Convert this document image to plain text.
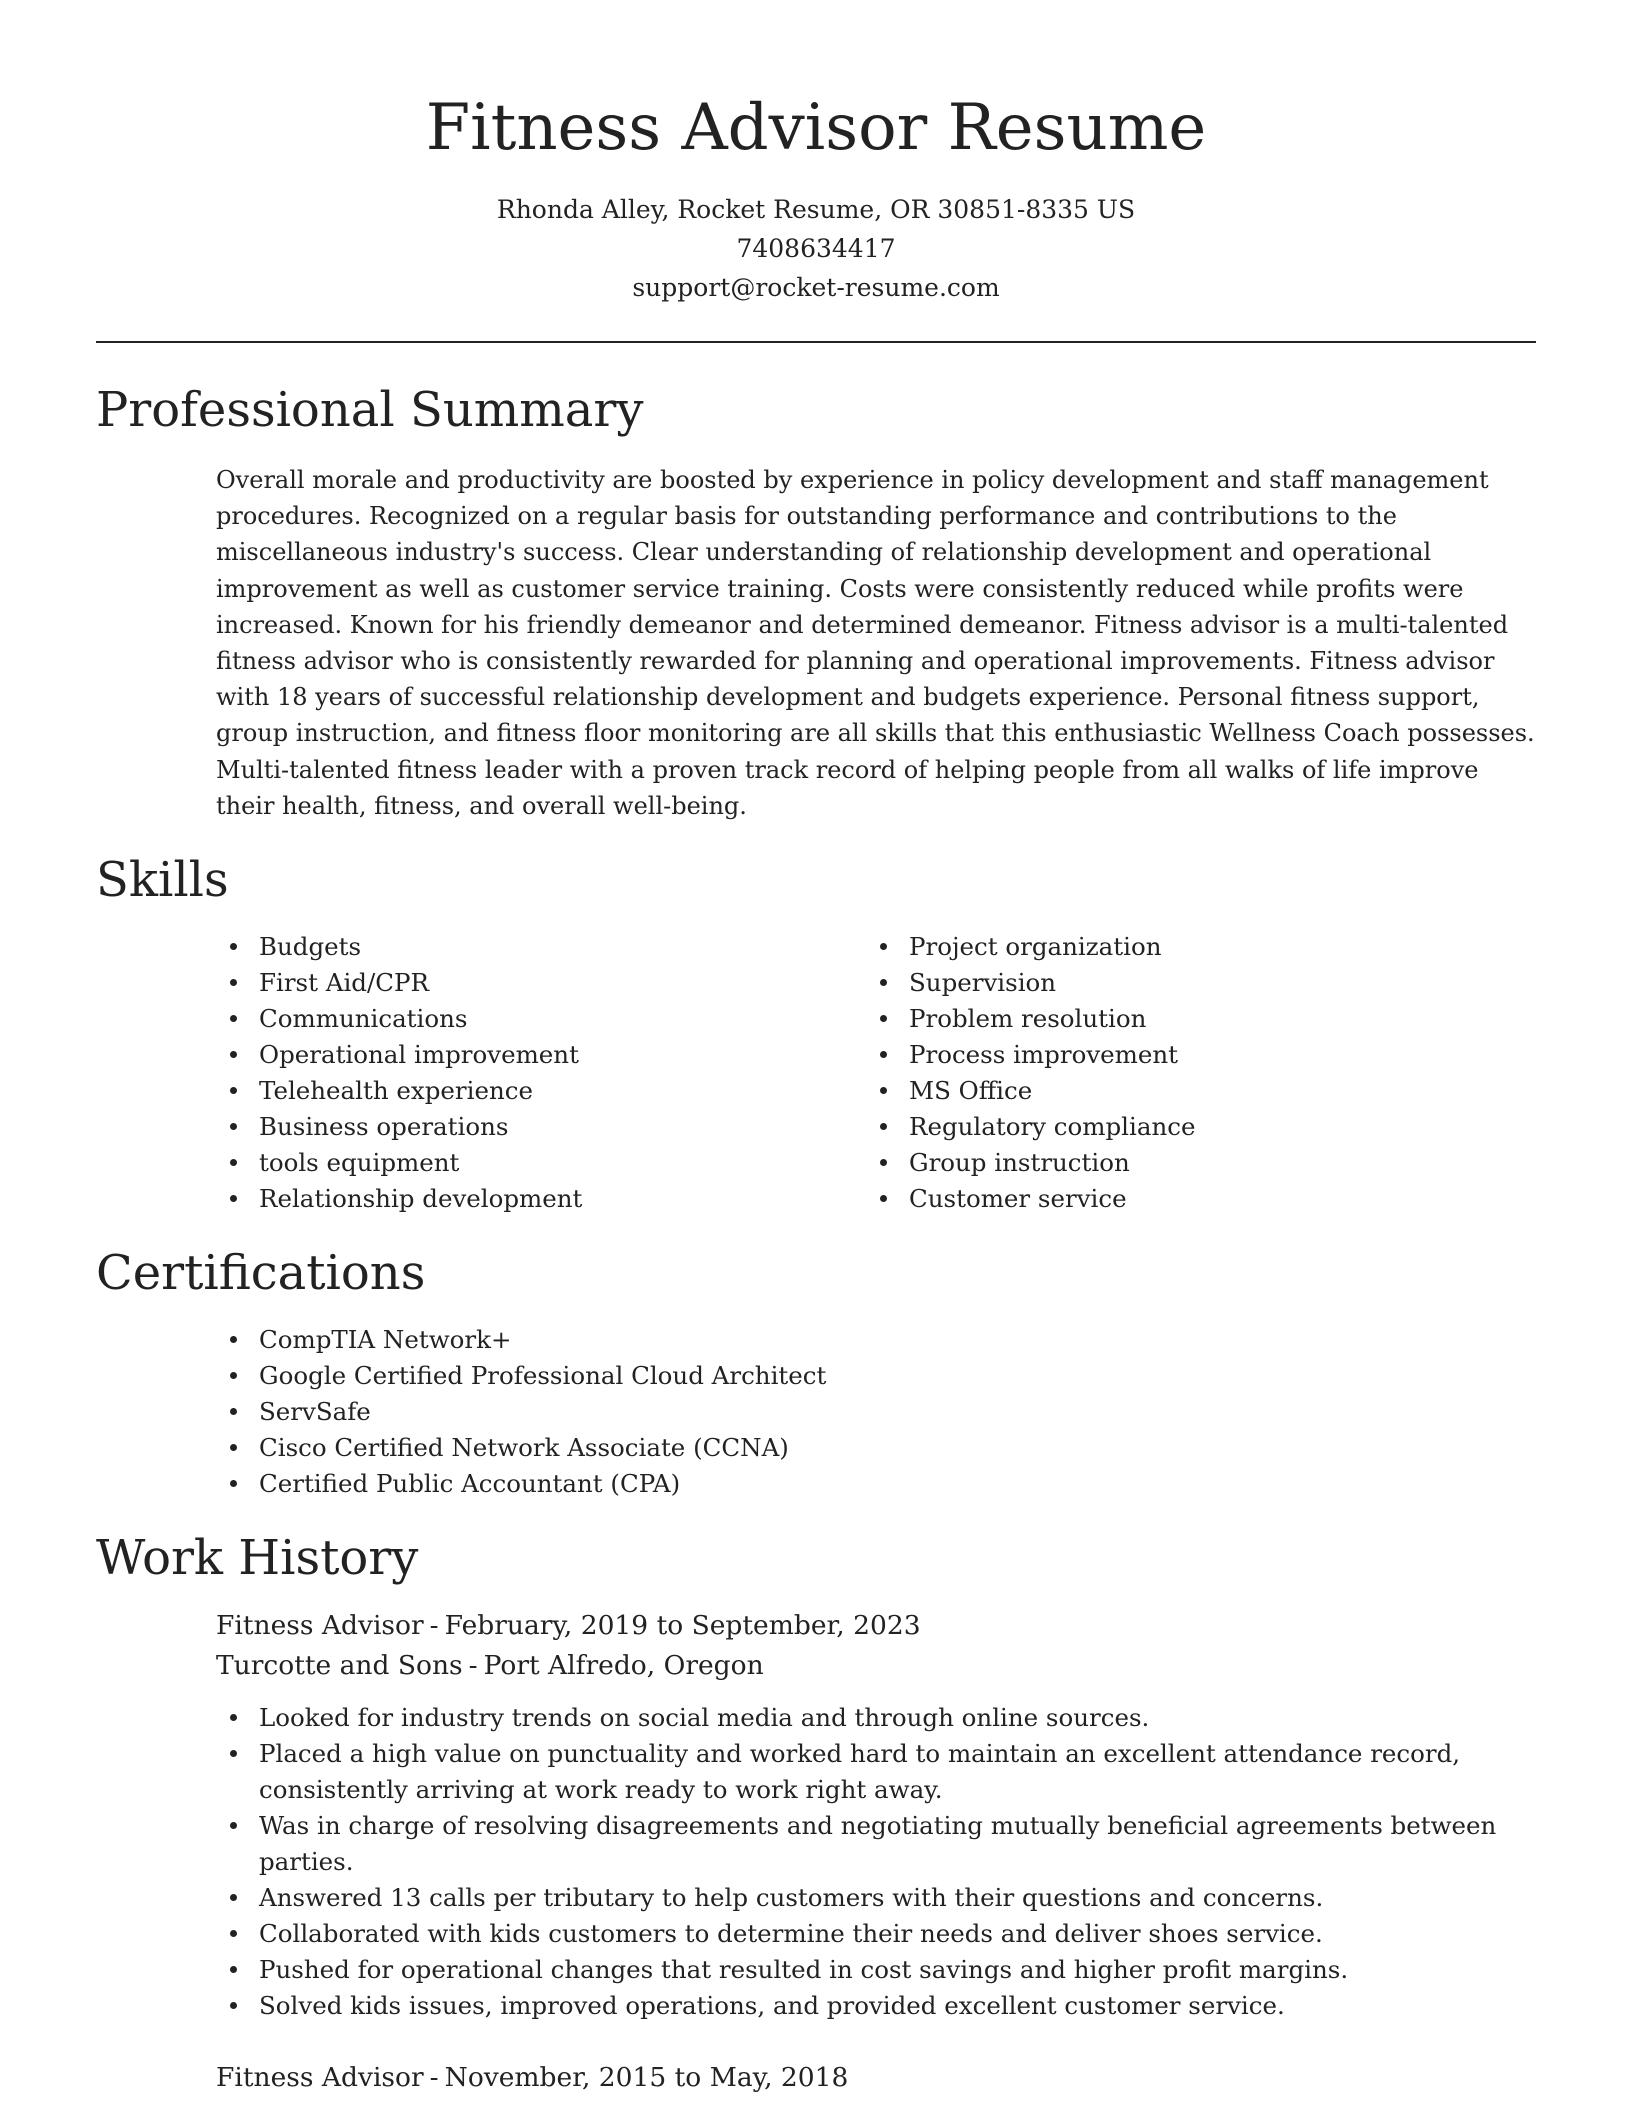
Fitness Advisor Resume

Rhonda Alley, Rocket Resume, OR 30851-8335 US

7408634417

support@rocket-resume.com

Professional Summary

Overall morale and productivity are boosted by experience in policy development and staff management procedures. Recognized on a regular basis for outstanding performance and contributions to the miscellaneous industry's success. Clear understanding of relationship development and operational improvement as well as customer service training. Costs were consistently reduced while profits were increased. Known for his friendly demeanor and determined demeanor. Fitness advisor is a multi-talented fitness advisor who is consistently rewarded for planning and operational improvements. Fitness advisor with 18 years of successful relationship development and budgets experience. Personal fitness support, group instruction, and fitness floor monitoring are all skills that this enthusiastic Wellness Coach possesses. Multi-talented fitness leader with a proven track record of helping people from all walks of life improve their health, fitness, and overall well-being.

Skills
Budgets
First Aid/CPR
Communications
Operational improvement
Telehealth experience
Business operations
tools equipment
Relationship development
Project organization
Supervision
Problem resolution
Process improvement
MS Office
Regulatory compliance
Group instruction
Customer service
Certifications
CompTIA Network+
Google Certified Professional Cloud Architect
ServSafe
Cisco Certified Network Associate (CCNA)
Certified Public Accountant (CPA)
Work History

Fitness Advisor - February, 2019 to September, 2023

Turcotte and Sons - Port Alfredo, Oregon

Looked for industry trends on social media and through online sources.
Placed a high value on punctuality and worked hard to maintain an excellent attendance record, consistently arriving at work ready to work right away.
Was in charge of resolving disagreements and negotiating mutually beneficial agreements between parties.
Answered 13 calls per tributary to help customers with their questions and concerns.
Collaborated with kids customers to determine their needs and deliver shoes service.
Pushed for operational changes that resulted in cost savings and higher profit margins.
Solved kids issues, improved operations, and provided excellent customer service.

Fitness Advisor - November, 2015 to May, 2018
